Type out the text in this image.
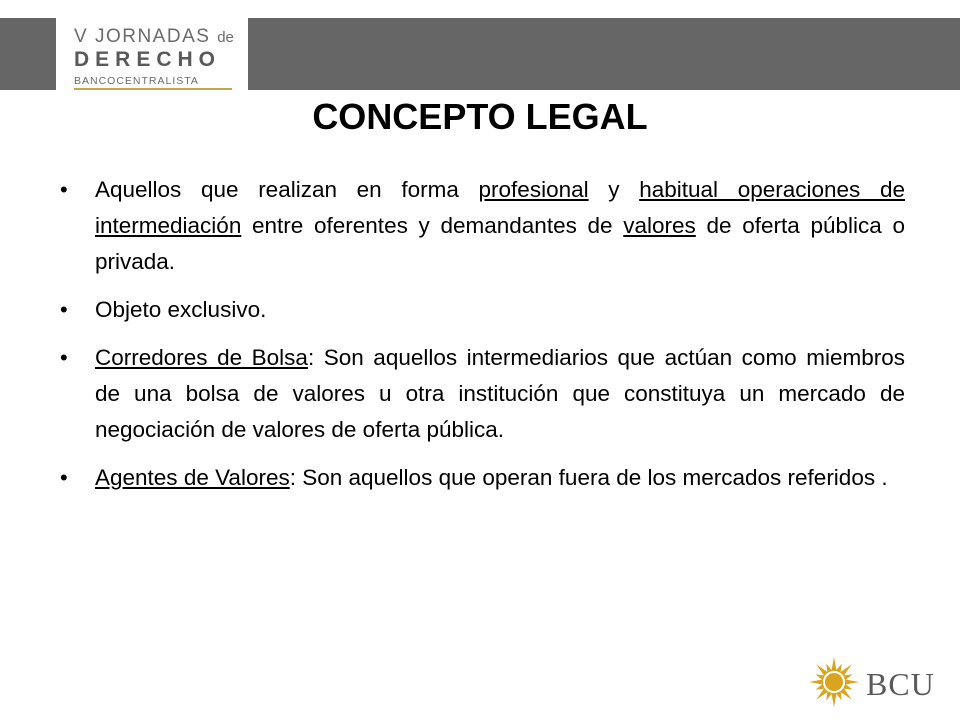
V JORNADAS de
DERECHO
BANCOCENTRALISTA
CONCEPTO LEGAL
• Aquellos que realizan en forma profesional y habitual operaciones de intermediación entre oferentes y demandantes de valores de oferta pública o privada.
• Objeto exclusivo.
• Corredores de Bolsa: Son aquellos intermediarios que actúan como miembros de una bolsa de valores u otra institución que constituya un mercado de negociación de valores de oferta pública.
• Agentes de Valores: Son aquellos que operan fuera de los mercados referidos .
BCU
